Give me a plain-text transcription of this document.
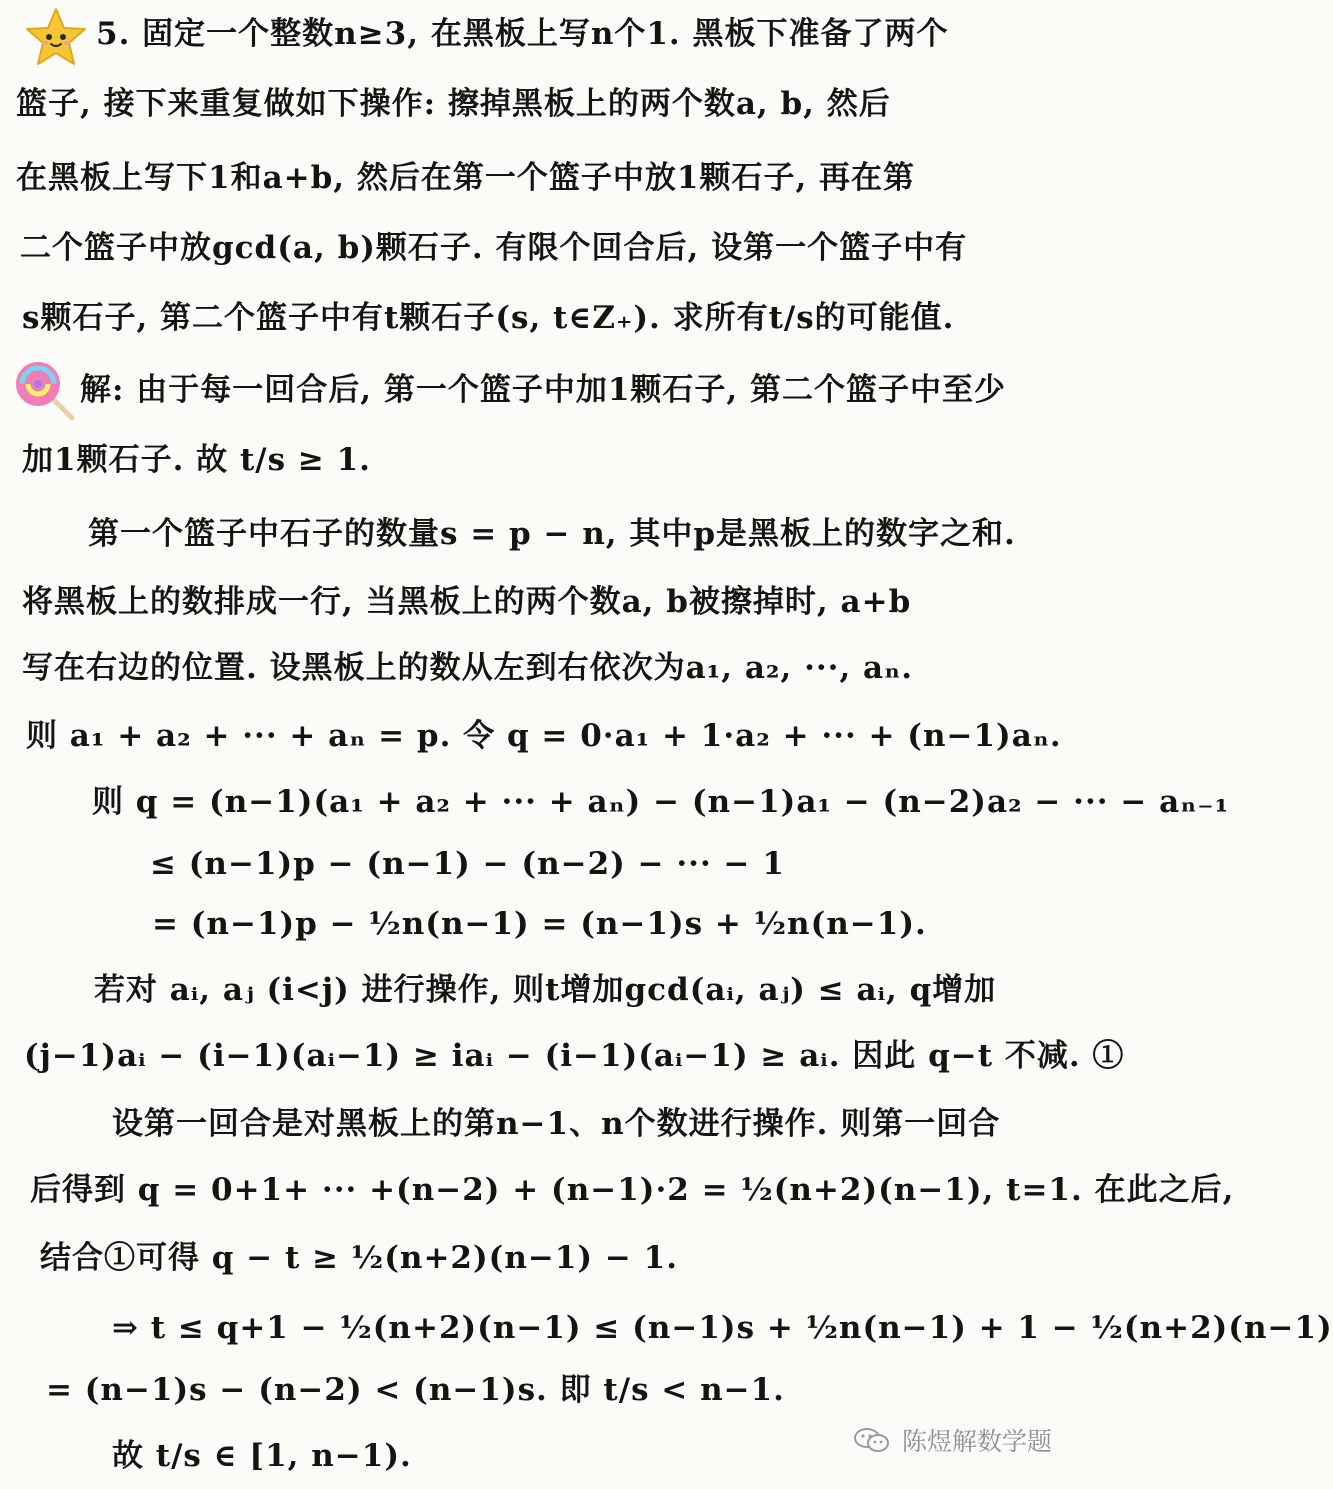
5. 固定一个整数n≥3, 在黑板上写n个1. 黑板下准备了两个
篮子, 接下来重复做如下操作: 擦掉黑板上的两个数a, b, 然后
在黑板上写下1和a+b, 然后在第一个篮子中放1颗石子, 再在第
二个篮子中放gcd(a, b)颗石子. 有限个回合后, 设第一个篮子中有
s颗石子, 第二个篮子中有t颗石子(s, t∈Z₊). 求所有t/s的可能值.
解: 由于每一回合后, 第一个篮子中加1颗石子, 第二个篮子中至少
加1颗石子. 故 t/s ≥ 1.
第一个篮子中石子的数量s = p − n, 其中p是黑板上的数字之和.
将黑板上的数排成一行, 当黑板上的两个数a, b被擦掉时, a+b
写在右边的位置. 设黑板上的数从左到右依次为a₁, a₂, ···, aₙ.
则 a₁ + a₂ + ··· + aₙ = p. 令 q = 0·a₁ + 1·a₂ + ··· + (n−1)aₙ.
则 q = (n−1)(a₁ + a₂ + ··· + aₙ) − (n−1)a₁ − (n−2)a₂ − ··· − aₙ₋₁
≤ (n−1)p − (n−1) − (n−2) − ··· − 1
= (n−1)p − ½n(n−1) = (n−1)s + ½n(n−1).
若对 aᵢ, aⱼ (i<j) 进行操作, 则t增加gcd(aᵢ, aⱼ) ≤ aᵢ, q增加
(j−1)aᵢ − (i−1)(aᵢ−1) ≥ iaᵢ − (i−1)(aᵢ−1) ≥ aᵢ. 因此 q−t 不减. ①
设第一回合是对黑板上的第n−1、n个数进行操作. 则第一回合
后得到 q = 0+1+ ··· +(n−2) + (n−1)·2 = ½(n+2)(n−1), t=1. 在此之后,
结合①可得 q − t ≥ ½(n+2)(n−1) − 1.
⇒ t ≤ q+1 − ½(n+2)(n−1) ≤ (n−1)s + ½n(n−1) + 1 − ½(n+2)(n−1)
= (n−1)s − (n−2) < (n−1)s. 即 t/s < n−1.
故 t/s ∈ [1, n−1).	陈煜解数学题
